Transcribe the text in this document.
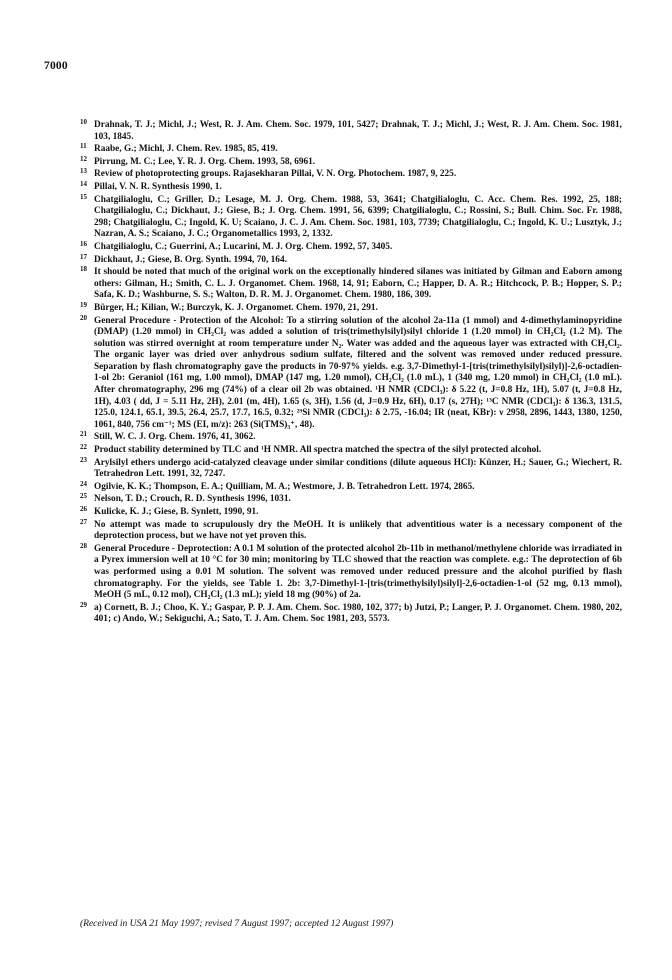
7000
10 Drahnak, T. J.; Michl, J.; West, R. J. Am. Chem. Soc. 1979, 101, 5427; Drahnak, T. J.; Michl, J.; West, R. J. Am. Chem. Soc. 1981, 103, 1845.
11 Raabe, G.; Michl, J. Chem. Rev. 1985, 85, 419.
12 Pirrung, M. C.; Lee, Y. R. J. Org. Chem. 1993, 58, 6961.
13 Review of photoprotecting groups. Rajasekharan Pillai, V. N. Org. Photochem. 1987, 9, 225.
14 Pillai, V. N. R. Synthesis 1990, 1.
15 Chatgilialoglu, C.; Griller, D.; Lesage, M. J. Org. Chem. 1988, 53, 3641; Chatgilialoglu, C. Acc. Chem. Res. 1992, 25, 188; Chatgilialoglu, C.; Dickhaut, J.; Giese, B.; J. Org. Chem. 1991, 56, 6399; Chatgilialoglu, C.; Rossini, S.; Bull. Chim. Soc. Fr. 1988, 298; Chatgilialoglu, C.; Ingold, K. U; Scaiano, J. C. J. Am. Chem. Soc. 1981, 103, 7739; Chatgilialoglu, C.; Ingold, K. U.; Lusztyk, J.; Nazran, A. S.; Scaiano, J. C.; Organometallics 1993, 2, 1332.
16 Chatgilialoglu, C.; Guerrini, A.; Lucarini, M. J. Org. Chem. 1992, 57, 3405.
17 Dickhaut, J.; Giese, B. Org. Synth. 1994, 70, 164.
18 It should be noted that much of the original work on the exceptionally hindered silanes was initiated by Gilman and Eaborn among others: Gilman, H.; Smith, C. L. J. Organomet. Chem. 1968, 14, 91; Eaborn, C.; Happer, D. A. R.; Hitchcock, P. B.; Hopper, S. P.; Safa, K. D.; Washburne, S. S.; Walton, D. R. M. J. Organomet. Chem. 1980, 186, 309.
19 Bürger, H.; Kilian, W.; Burczyk, K. J. Organomet. Chem. 1970, 21, 291.
20 General Procedure - Protection of the Alcohol: To a stirring solution of the alcohol 2a-11a (1 mmol) and 4-dimethylaminopyridine (DMAP) (1.20 mmol) in CH₂Cl₂ was added a solution of tris(trimethylsilyl)silyl chloride 1 (1.20 mmol) in CH₂Cl₂ (1.2 M). The solution was stirred overnight at room temperature under N₂. Water was added and the aqueous layer was extracted with CH₂Cl₂. The organic layer was dried over anhydrous sodium sulfate, filtered and the solvent was removed under reduced pressure. Separation by flash chromatography gave the products in 70-97% yields. e.g. 3,7-Dimethyl-1-[tris(trimethylsilyl)silyl)]-2,6-octadien-1-ol 2b: Geraniol (161 mg, 1.00 mmol), DMAP (147 mg, 1.20 mmol), CH₂Cl₂ (1.0 mL), 1 (340 mg, 1.20 mmol) in CH₂Cl₂ (1.0 mL). After chromatography, 296 mg (74%) of a clear oil 2b was obtained. ¹H NMR (CDCl₃): δ 5.22 (t, J=0.8 Hz, 1H), 5.07 (t, J=0.8 Hz, 1H), 4.03 ( dd, J = 5.11 Hz, 2H), 2.01 (m, 4H), 1.65 (s, 3H), 1.56 (d, J=0.9 Hz, 6H), 0.17 (s, 27H); ¹³C NMR (CDCl₃): δ 136.3, 131.5, 125.0, 124.1, 65.1, 39.5, 26.4, 25.7, 17.7, 16.5, 0.32; ²⁹Si NMR (CDCl₃): δ 2.75, -16.04; IR (neat, KBr): ν 2958, 2896, 1443, 1380, 1250, 1061, 840, 756 cm⁻¹; MS (EI, m/z): 263 (Si(TMS)₃⁺, 48).
21 Still, W. C. J. Org. Chem. 1976, 41, 3062.
22 Product stability determined by TLC and ¹H NMR. All spectra matched the spectra of the silyl protected alcohol.
23 Arylsilyl ethers undergo acid-catalyzed cleavage under similar conditions (dilute aqueous HCl): Künzer, H.; Sauer, G.; Wiechert, R. Tetrahedron Lett. 1991, 32, 7247.
24 Ogilvie, K. K.; Thompson, E. A.; Quilliam, M. A.; Westmore, J. B. Tetrahedron Lett. 1974, 2865.
25 Nelson, T. D.; Crouch, R. D. Synthesis 1996, 1031.
26 Kulicke, K. J.; Giese, B. Synlett, 1990, 91.
27 No attempt was made to scrupulously dry the MeOH. It is unlikely that adventitious water is a necessary component of the deprotection process, but we have not yet proven this.
28 General Procedure - Deprotection: A 0.1 M solution of the protected alcohol 2b-11b in methanol/methylene chloride was irradiated in a Pyrex immersion well at 10 °C for 30 min; monitoring by TLC showed that the reaction was complete. e.g.: The deprotection of 6b was performed using a 0.01 M solution. The solvent was removed under reduced pressure and the alcohol purified by flash chromatography. For the yields, see Table 1. 2b: 3,7-Dimethyl-1-[tris(trimethylsilyl)silyl]-2,6-octadien-1-ol (52 mg, 0.13 mmol), MeOH (5 mL, 0.12 mol), CH₂Cl₂ (1.3 mL); yield 18 mg (90%) of 2a.
29 a) Cornett, B. J.; Choo, K. Y.; Gaspar, P. P. J. Am. Chem. Soc. 1980, 102, 377; b) Jutzi, P.; Langer, P. J. Organomet. Chem. 1980, 202, 401; c) Ando, W.; Sekiguchi, A.; Sato, T. J. Am. Chem. Soc 1981, 203, 5573.
(Received in USA 21 May 1997; revised 7 August 1997; accepted 12 August 1997)
